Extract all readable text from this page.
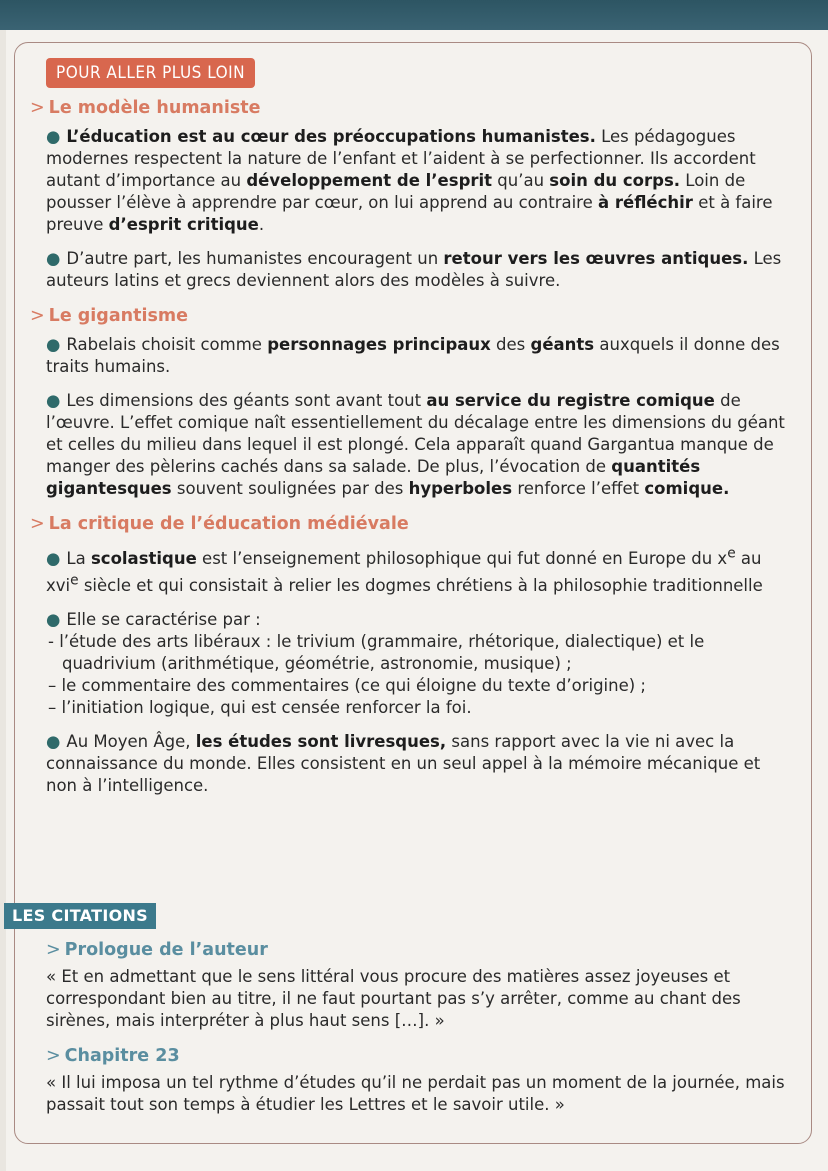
POUR ALLER PLUS LOIN
> Le modèle humaniste
● L’éducation est au cœur des préoccupations humanistes. Les pédagogues modernes respectent la nature de l’enfant et l’aident à se perfectionner. Ils accordent autant d’importance au développement de l’esprit qu’au soin du corps. Loin de pousser l’élève à apprendre par cœur, on lui apprend au contraire à réfléchir et à faire preuve d’esprit critique.
● D’autre part, les humanistes encouragent un retour vers les œuvres antiques. Les auteurs latins et grecs deviennent alors des modèles à suivre.
> Le gigantisme
● Rabelais choisit comme personnages principaux des géants auxquels il donne des traits humains.
● Les dimensions des géants sont avant tout au service du registre comique de l’œuvre. L’effet comique naît essentiellement du décalage entre les dimensions du géant et celles du milieu dans lequel il est plongé. Cela apparaît quand Gargantua manque de manger des pèlerins cachés dans sa salade. De plus, l’évocation de quantités gigantesques souvent soulignées par des hyperboles renforce l’effet comique.
> La critique de l’éducation médiévale
● La scolastique est l’enseignement philosophique qui fut donné en Europe du $x^e$ au xvi$^e$ siècle et qui consistait à relier les dogmes chrétiens à la philosophie traditionnelle
● Elle se caractérise par :
- l’étude des arts libéraux : le trivium (grammaire, rhétorique, dialectique) et le quadrivium (arithmétique, géométrie, astronomie, musique) ;
– le commentaire des commentaires (ce qui éloigne du texte d’origine) ;
– l’initiation logique, qui est censée renforcer la foi.
● Au Moyen Âge, les études sont livresques, sans rapport avec la vie ni avec la connaissance du monde. Elles consistent en un seul appel à la mémoire mécanique et non à l’intelligence.
LES CITATIONS
> Prologue de l’auteur
« Et en admettant que le sens littéral vous procure des matières assez joyeuses et correspondant bien au titre, il ne faut pourtant pas s’y arrêter, comme au chant des sirènes, mais interpréter à plus haut sens […]. »
> Chapitre 23
« Il lui imposa un tel rythme d’études qu’il ne perdait pas un moment de la journée, mais passait tout son temps à étudier les Lettres et le savoir utile. »
